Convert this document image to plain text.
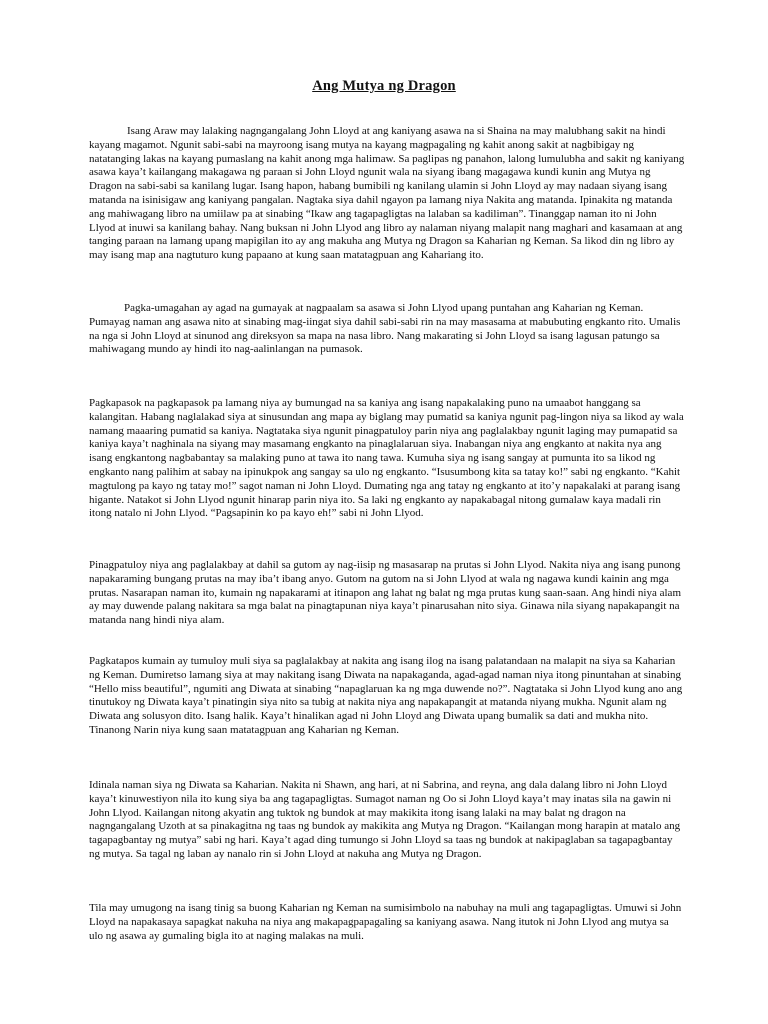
Ang Mutya ng Dragon

Isang Araw may lalaking nagngangalang John Lloyd at ang kaniyang asawa na si Shaina na may malubhang sakit na hindi kayang magamot. Ngunit sabi-sabi na mayroong isang mutya na kayang magpagaling ng kahit anong sakit at nagbibigay ng natatanging lakas na kayang pumaslang na kahit anong mga halimaw. Sa paglipas ng panahon, lalong lumulubha and sakit ng kaniyang asawa kaya’t kailangang makagawa ng paraan si John Lloyd ngunit wala na siyang ibang magagawa kundi kunin ang Mutya ng Dragon na sabi-sabi sa kanilang lugar. Isang hapon, habang bumibili ng kanilang ulamin si John Lloyd ay may nadaan siyang isang matanda na isinisigaw ang kaniyang pangalan. Nagtaka siya dahil ngayon pa lamang niya Nakita ang matanda. Ipinakita ng matanda ang mahiwagang libro na umiilaw pa at sinabing “Ikaw ang tagapagligtas na lalaban sa kadiliman”. Tinanggap naman ito ni John Llyod at inuwi sa kanilang bahay. Nang buksan ni John Llyod ang libro ay nalaman niyang malapit nang maghari and kasamaan at ang tanging paraan na lamang upang mapigilan ito ay ang makuha ang Mutya ng Dragon sa Kaharian ng Keman. Sa likod din ng libro ay may isang map ana nagtuturo kung papaano at kung saan matatagpuan ang Kahariang ito.

Pagka-umagahan ay agad na gumayak at nagpaalam sa asawa si John Llyod upang puntahan ang Kaharian ng Keman. Pumayag naman ang asawa nito at sinabing mag-iingat siya dahil sabi-sabi rin na may masasama at mabubuting engkanto rito. Umalis na nga si John Lloyd at sinunod ang direksyon sa mapa na nasa libro. Nang makarating si John Lloyd sa isang lagusan patungo sa mahiwagang mundo ay hindi ito nag-aalinlangan na pumasok.

Pagkapasok na pagkapasok pa lamang niya ay bumungad na sa kaniya ang isang napakalaking puno na umaabot hanggang sa kalangitan. Habang naglalakad siya at sinusundan ang mapa ay biglang may pumatid sa kaniya ngunit pag-lingon niya sa likod ay wala namang maaaring pumatid sa kaniya. Nagtataka siya ngunit pinagpatuloy parin niya ang paglalakbay ngunit laging may pumapatid sa kaniya kaya’t naghinala na siyang may masamang engkanto na pinaglalaruan siya. Inabangan niya ang engkanto at nakita nya ang isang engkantong nagbabantay sa malaking puno at tawa ito nang tawa. Kumuha siya ng isang sangay at pumunta ito sa likod ng engkanto nang palihim at sabay na ipinukpok ang sangay sa ulo ng engkanto. “Isusumbong kita sa tatay ko!” sabi ng engkanto. “Kahit magtulong pa kayo ng tatay mo!” sagot naman ni John Lloyd. Dumating nga ang tatay ng engkanto at ito’y napakalaki at parang isang higante. Natakot si John Llyod ngunit hinarap parin niya ito. Sa laki ng engkanto ay napakabagal nitong gumalaw kaya madali rin itong natalo ni John Llyod. “Pagsapinin ko pa kayo eh!” sabi ni John Llyod.

Pinagpatuloy niya ang paglalakbay at dahil sa gutom ay nag-iisip ng masasarap na prutas si John Llyod. Nakita niya ang isang punong napakaraming bungang prutas na may iba’t ibang anyo. Gutom na gutom na si John Llyod at wala ng nagawa kundi kainin ang mga prutas. Nasarapan naman ito, kumain ng napakarami at itinapon ang lahat ng balat ng mga prutas kung saan-saan. Ang hindi niya alam ay may duwende palang nakitara sa mga balat na pinagtapunan niya kaya’t pinarusahan nito siya. Ginawa nila siyang napakapangit na matanda nang hindi niya alam.

Pagkatapos kumain ay tumuloy muli siya sa paglalakbay at nakita ang isang ilog na isang palatandaan na malapit na siya sa Kaharian ng Keman. Dumiretso lamang siya at may nakitang isang Diwata na napakaganda, agad-agad naman niya itong pinuntahan at sinabing “Hello miss beautiful”, ngumiti ang Diwata at sinabing “napaglaruan ka ng mga duwende no?”. Nagtataka si John Llyod kung ano ang tinutukoy ng Diwata kaya’t pinatingin siya nito sa tubig at nakita niya ang napakapangit at matanda niyang mukha. Ngunit alam ng Diwata ang solusyon dito. Isang halik. Kaya’t hinalikan agad ni John Lloyd ang Diwata upang bumalik sa dati and mukha nito. Tinanong Narin niya kung saan matatagpuan ang Kaharian ng Keman.

Idinala naman siya ng Diwata sa Kaharian. Nakita ni Shawn, ang hari, at ni Sabrina, and reyna, ang dala dalang libro ni John Lloyd kaya’t kinuwestiyon nila ito kung siya ba ang tagapagligtas. Sumagot naman ng Oo si John Lloyd kaya’t may inatas sila na gawin ni John Llyod. Kailangan nitong akyatin ang tuktok ng bundok at may makikita itong isang lalaki na may balat ng dragon na nagngangalang Uzoth at sa pinakagitna ng taas ng bundok ay makikita ang Mutya ng Dragon. “Kailangan mong harapin at matalo ang tagapagbantay ng mutya” sabi ng hari. Kaya’t agad ding tumungo si John Lloyd sa taas ng bundok at nakipaglaban sa tagapagbantay ng mutya. Sa tagal ng laban ay nanalo rin si John Lloyd at nakuha ang Mutya ng Dragon.

Tila may umugong na isang tinig sa buong Kaharian ng Keman na sumisimbolo na nabuhay na muli ang tagapagligtas. Umuwi si John Lloyd na napakasaya sapagkat nakuha na niya ang makapagpapagaling sa kaniyang asawa. Nang itutok ni John Llyod ang mutya sa ulo ng asawa ay gumaling bigla ito at naging malakas na muli.
